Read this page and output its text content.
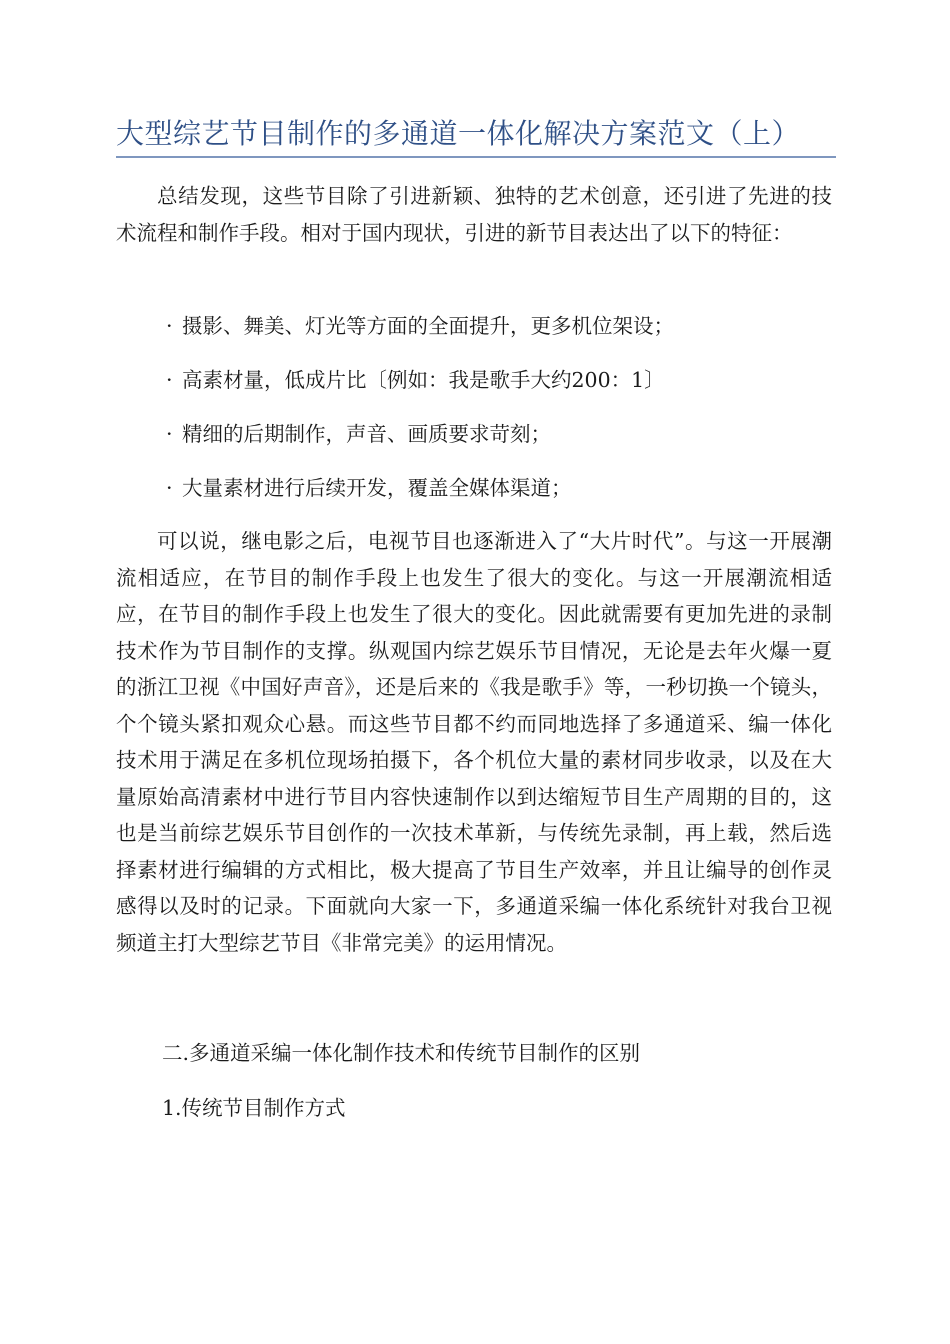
大型综艺节目制作的多通道一体化解决方案范文（上）

总结发现，这些节目除了引进新颖、独特的艺术创意，还引进了先进的技术流程和制作手段。相对于国内现状，引进的新节目表达出了以下的特征：

· 摄影、舞美、灯光等方面的全面提升，更多机位架设；
· 高素材量，低成片比〔例如：我是歌手大约200：1〕
· 精细的后期制作，声音、画质要求苛刻；
· 大量素材进行后续开发，覆盖全媒体渠道；

可以说，继电影之后，电视节目也逐渐进入了“大片时代”。与这一开展潮流相适应，在节目的制作手段上也发生了很大的变化。与这一开展潮流相适应，在节目的制作手段上也发生了很大的变化。因此就需要有更加先进的录制技术作为节目制作的支撑。纵观国内综艺娱乐节目情况，无论是去年火爆一夏的浙江卫视《中国好声音》，还是后来的《我是歌手》等，一秒切换一个镜头，个个镜头紧扣观众心悬。而这些节目都不约而同地选择了多通道采、编一体化技术用于满足在多机位现场拍摄下，各个机位大量的素材同步收录，以及在大量原始高清素材中进行节目内容快速制作以到达缩短节目生产周期的目的，这也是当前综艺娱乐节目创作的一次技术革新，与传统先录制，再上载，然后选择素材进行编辑的方式相比，极大提高了节目生产效率，并且让编导的创作灵感得以及时的记录。下面就向大家一下，多通道采编一体化系统针对我台卫视频道主打大型综艺节目《非常完美》的运用情况。

二.多通道采编一体化制作技术和传统节目制作的区别
1.传统节目制作方式
